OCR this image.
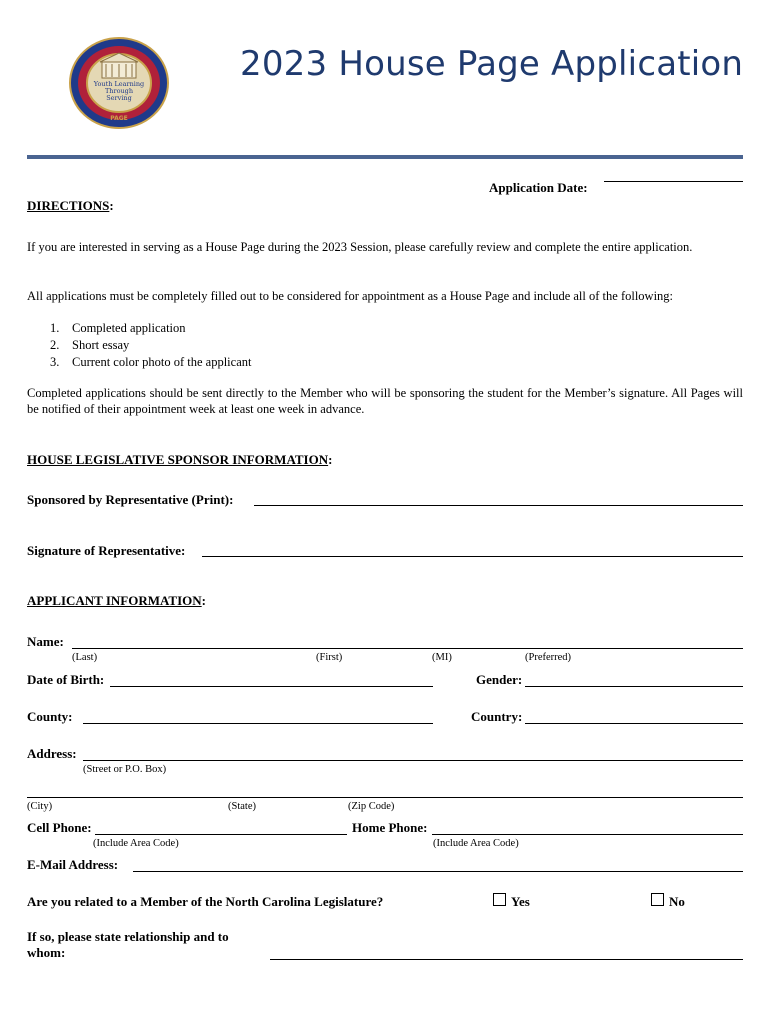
Youth Learning
Through
Serving
PAGE
2023 House Page Application
Application Date:
DIRECTIONS:
If you are interested in serving as a House Page during the 2023 Session, please carefully review and complete the entire application.
All applications must be completely filled out to be considered for appointment as a House Page and include all of the following:
1. Completed application
2. Short essay
3. Current color photo of the applicant
Completed applications should be sent directly to the Member who will be sponsoring the student for the Member’s signature. All Pages will be notified of their appointment week at least one week in advance.
HOUSE LEGISLATIVE SPONSOR INFORMATION:
Sponsored by Representative (Print):
Signature of Representative:
APPLICANT INFORMATION:
Name:
(Last)	(First)	(MI)	(Preferred)
Date of Birth:	Gender:
County:	Country:
Address:
(Street or P.O. Box)
(City)	(State)	(Zip Code)
Cell Phone:
(Include Area Code)
Home Phone:
(Include Area Code)
E-Mail Address:
Are you related to a Member of the North Carolina Legislature?	Yes	No
If so, please state relationship and to
whom:
